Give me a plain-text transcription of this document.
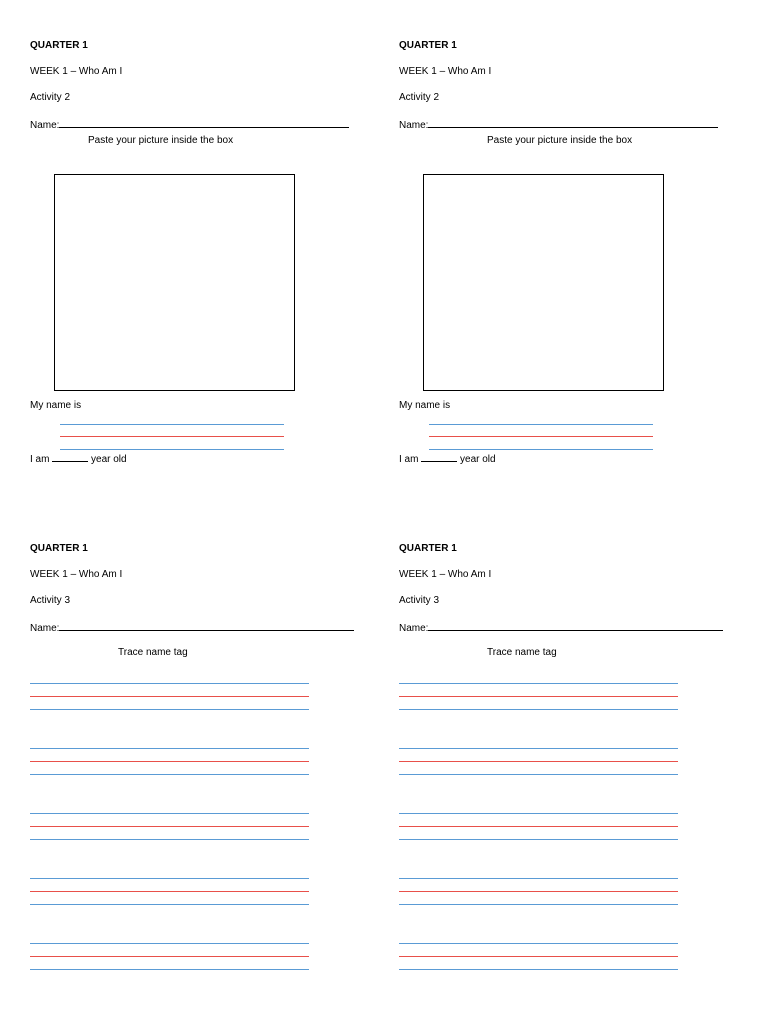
QUARTER 1
WEEK 1 – Who Am I
Activity 2
Name:
Paste your picture inside the box
My name is
I am	year old
QUARTER 1
WEEK 1 – Who Am I
Activity 2
Name:
Paste your picture inside the box
My name is
I am	year old
QUARTER 1
WEEK 1 – Who Am I
Activity 3
Name:
Trace name tag
QUARTER 1
WEEK 1 – Who Am I
Activity 3
Name:
Trace name tag
